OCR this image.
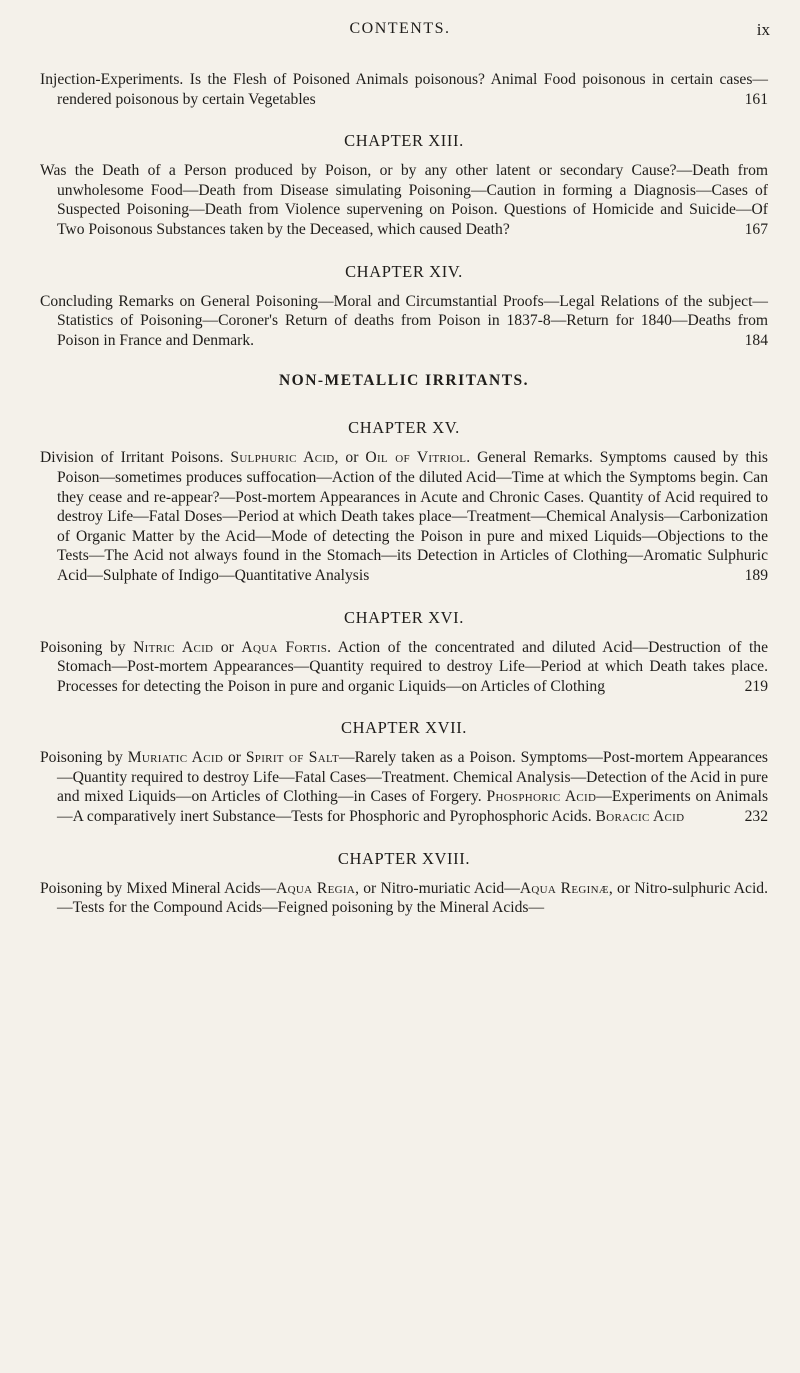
CONTENTS.	ix

Injection-Experiments. Is the Flesh of Poisoned Animals poisonous? Animal Food poisonous in certain cases—rendered poisonous by certain Vegetables	161

CHAPTER XIII.

Was the Death of a Person produced by Poison, or by any other latent or secondary Cause?—Death from unwholesome Food—Death from Disease simulating Poisoning—Caution in forming a Diagnosis—Cases of Suspected Poisoning—Death from Violence supervening on Poison. Questions of Homicide and Suicide—Of Two Poisonous Substances taken by the Deceased, which caused Death?	167

CHAPTER XIV.

Concluding Remarks on General Poisoning—Moral and Circumstantial Proofs—Legal Relations of the subject—Statistics of Poisoning—Coroner's Return of deaths from Poison in 1837-8—Return for 1840—Deaths from Poison in France and Denmark.	184

NON-METALLIC IRRITANTS.
CHAPTER XV.

Division of Irritant Poisons. Sulphuric Acid, or Oil of Vitriol. General Remarks. Symptoms caused by this Poison—sometimes produces suffocation—Action of the diluted Acid—Time at which the Symptoms begin. Can they cease and re-appear?—Post-mortem Appearances in Acute and Chronic Cases. Quantity of Acid required to destroy Life—Fatal Doses—Period at which Death takes place—Treatment—Chemical Analysis—Carbonization of Organic Matter by the Acid—Mode of detecting the Poison in pure and mixed Liquids—Objections to the Tests—The Acid not always found in the Stomach—its Detection in Articles of Clothing—Aromatic Sulphuric Acid—Sulphate of Indigo—Quantitative Analysis	189

CHAPTER XVI.

Poisoning by Nitric Acid or Aqua Fortis. Action of the concentrated and diluted Acid—Destruction of the Stomach—Post-mortem Appearances—Quantity required to destroy Life—Period at which Death takes place. Processes for detecting the Poison in pure and organic Liquids—on Articles of Clothing	219

CHAPTER XVII.

Poisoning by Muriatic Acid or Spirit of Salt—Rarely taken as a Poison. Symptoms—Post-mortem Appearances—Quantity required to destroy Life—Fatal Cases—Treatment. Chemical Analysis—Detection of the Acid in pure and mixed Liquids—on Articles of Clothing—in Cases of Forgery. Phosphoric Acid—Experiments on Animals—A comparatively inert Substance—Tests for Phosphoric and Pyrophosphoric Acids. Boracic Acid	232

CHAPTER XVIII.

Poisoning by Mixed Mineral Acids—Aqua Regia, or Nitro-muriatic Acid—Aqua Reginæ, or Nitro-sulphuric Acid.—Tests for the Compound Acids—Feigned poisoning by the Mineral Acids—
